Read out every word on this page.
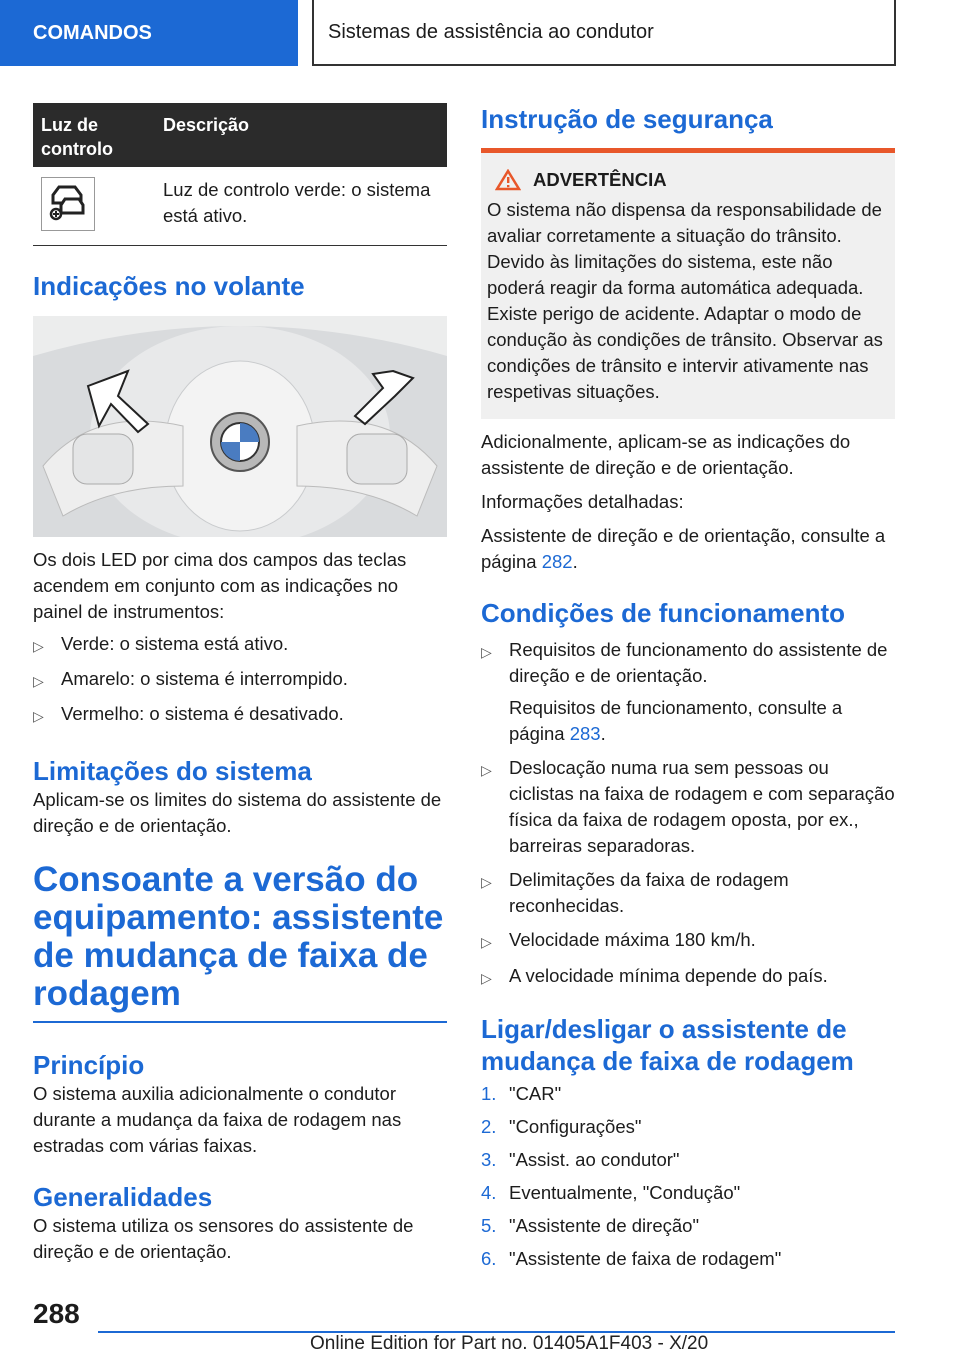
COMANDOS	Sistemas de assistência ao condutor
Luz de controlo
Descrição
Luz de controlo verde: o sistema está ativo.
Indicações no volante

Os dois LED por cima dos campos das teclas acendem em conjunto com as indicações no painel de instrumentos:

▷ Verde: o sistema está ativo.
▷ Amarelo: o sistema é interrompido.
▷ Vermelho: o sistema é desativado.
Limitações do sistema

Aplicam-se os limites do sistema do assistente de direção e de orientação.

Consoante a versão do equipamento: assistente de mudança de faixa de rodagem
Princípio

O sistema auxilia adicionalmente o condutor durante a mudança da faixa de rodagem nas estradas com várias faixas.

Generalidades

O sistema utiliza os sensores do assistente de direção e de orientação.

Instrução de segurança
ADVERTÊNCIA

O sistema não dispensa da responsabilidade de avaliar corretamente a situação do trânsito. Devido às limitações do sistema, este não poderá reagir da forma automática adequada. Existe perigo de acidente. Adaptar o modo de condução às condições de trânsito. Observar as condições de trânsito e intervir ativamente nas respetivas situações.

Adicionalmente, aplicam-se as indicações do assistente de direção e de orientação.

Informações detalhadas:

Assistente de direção e de orientação, consulte a página 282.

Condições de funcionamento
▷ Requisitos de funcionamento do assistente de direção e de orientação.
Requisitos de funcionamento, consulte a página 283.
▷ Deslocação numa rua sem pessoas ou ciclistas na faixa de rodagem e com separação física da faixa de rodagem oposta, por ex., barreiras separadoras.
▷ Delimitações da faixa de rodagem reconhecidas.
▷ Velocidade máxima 180 km/h.
▷ A velocidade mínima depende do país.
Ligar/desligar o assistente de mudança de faixa de rodagem
1. "CAR"
2. "Configurações"
3. "Assist. ao condutor"
4. Eventualmente, "Condução"
5. "Assistente de direção"
6. "Assistente de faixa de rodagem"
288
Online Edition for Part no. 01405A1F403 - X/20
